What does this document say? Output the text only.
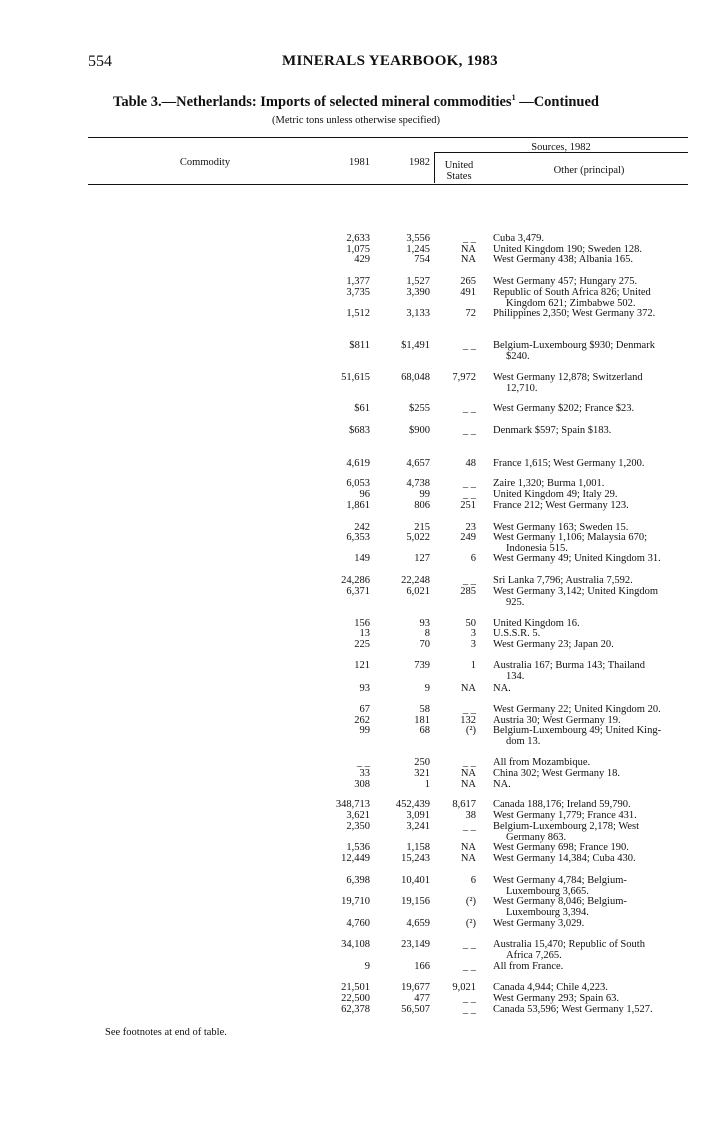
554	MINERALS YEARBOOK, 1983
Table 3.—Netherlands: Imports of selected mineral commodities$^1$ —Continued
(Metric tons unless otherwise specified)
Commodity	1981	1982
Sources, 1982
United States
Other (principal)
2,633	3,556	_ _ Cuba 3,479.
1,075	1,245	NA United Kingdom 190; Sweden 128.
429	754	NA West Germany 438; Albania 165.
1,377	1,527	265 West Germany 457; Hungary 275.
3,735	3,390	491 Republic of South Africa 826; United
Kingdom 621; Zimbabwe 502.
1,512	3,133	72 Philippines 2,350; West Germany 372.
$811	$1,491	_ _ Belgium-Luxembourg $930; Denmark
$240.
51,615	68,048	7,972 West Germany 12,878; Switzerland
12,710.
$61	$255	_ _ West Germany $202; France $23.
$683	$900	_ _ Denmark $597; Spain $183.
4,619	4,657	48 France 1,615; West Germany 1,200.
6,053	4,738	_ _ Zaire 1,320; Burma 1,001.
96	99	_ _ United Kingdom 49; Italy 29.
1,861	806	251 France 212; West Germany 123.
242	215	23 West Germany 163; Sweden 15.
6,353	5,022	249 West Germany 1,106; Malaysia 670;
Indonesia 515.
149	127	6 West Germany 49; United Kingdom 31.
24,286	22,248	_ _ Sri Lanka 7,796; Australia 7,592.
6,371	6,021	285 West Germany 3,142; United Kingdom
925.
156	93	50 United Kingdom 16.
13	8	3 U.S.S.R. 5.
225	70	3 West Germany 23; Japan 20.
121	739	1 Australia 167; Burma 143; Thailand
134.
93	9	NA NA.
67	58	_ _ West Germany 22; United Kingdom 20.
262	181	132 Austria 30; West Germany 19.
99	68	(²) Belgium-Luxembourg 49; United King-
dom 13.
_ _	250	_ _ All from Mozambique.
33	321	NA China 302; West Germany 18.
308	1	NA NA.
348,713	452,439	8,617 Canada 188,176; Ireland 59,790.
3,621	3,091	38 West Germany 1,779; France 431.
2,350	3,241	_ _ Belgium-Luxembourg 2,178; West
Germany 863.
1,536	1,158	NA West Germany 698; France 190.
12,449	15,243	NA West Germany 14,384; Cuba 430.
6,398	10,401	6 West Germany 4,784; Belgium-
Luxembourg 3,665.
19,710	19,156	(²) West Germany 8,046; Belgium-
Luxembourg 3,394.
4,760	4,659	(²) West Germany 3,029.
34,108	23,149	_ _ Australia 15,470; Republic of South
Africa 7,265.
9	166	_ _ All from France.
21,501	19,677	9,021 Canada 4,944; Chile 4,223.
22,500	477	_ _ West Germany 293; Spain 63.
62,378	56,507	_ _ Canada 53,596; West Germany 1,527.
See footnotes at end of table.
